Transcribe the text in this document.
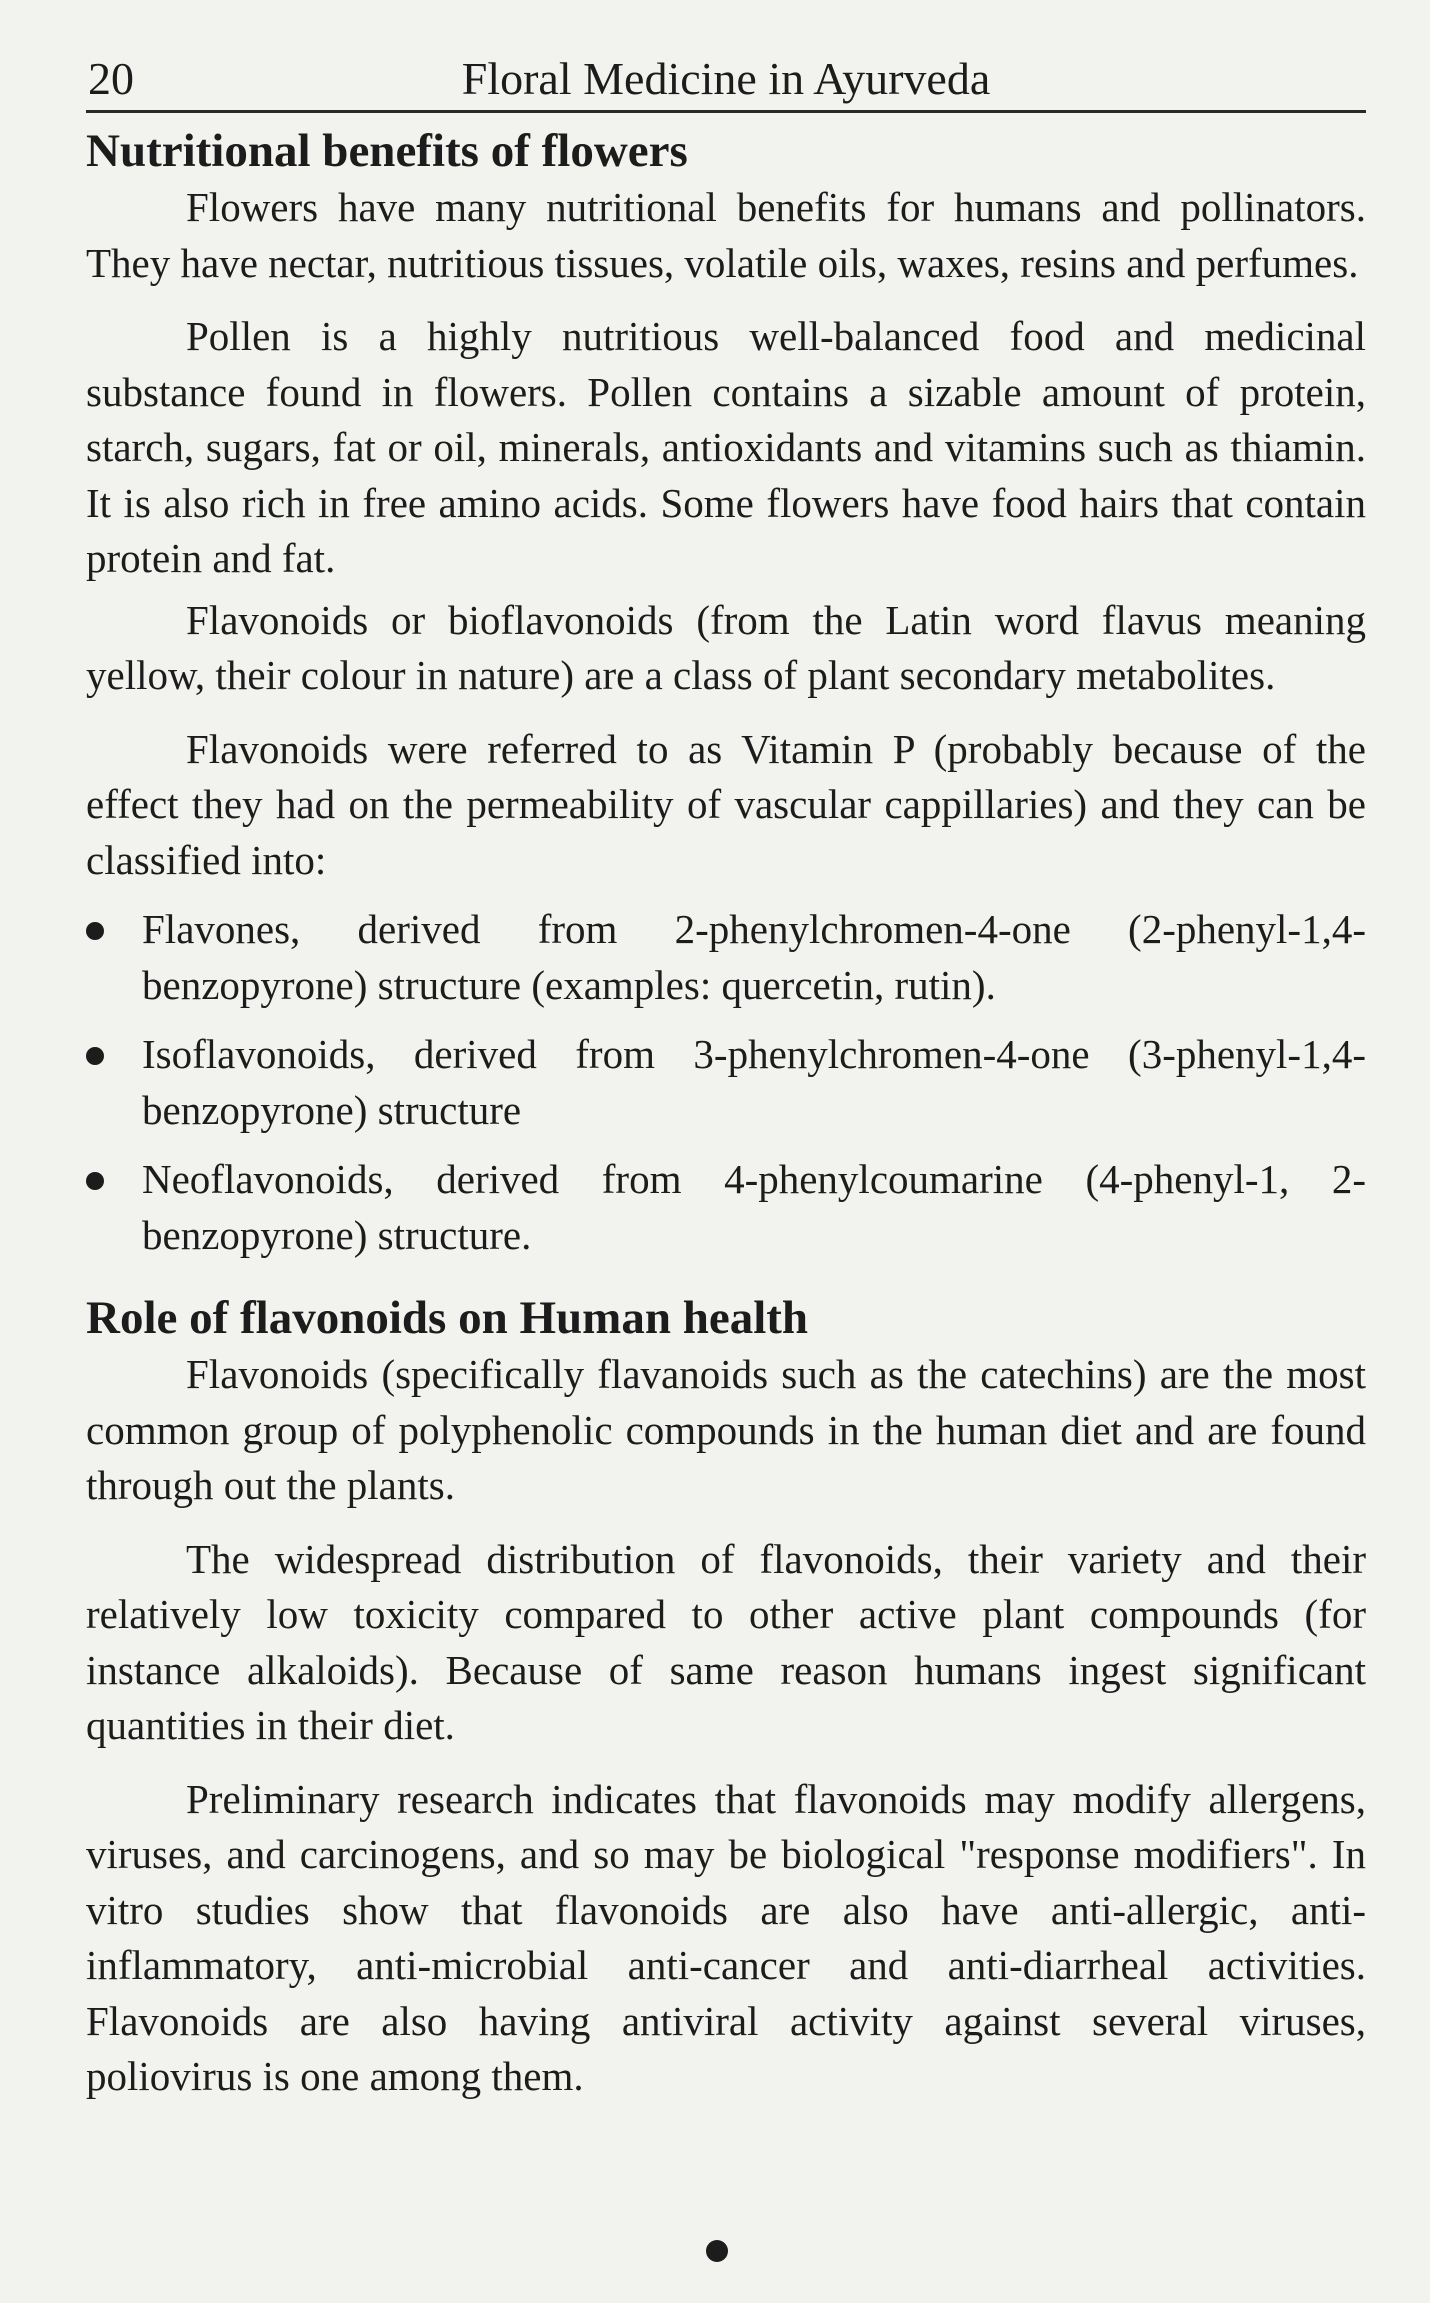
20	Floral Medicine in Ayurveda
Nutritional benefits of flowers

Flowers have many nutritional benefits for humans and pollinators. They have nectar, nutritious tissues, volatile oils, waxes, resins and perfumes.

Pollen is a highly nutritious well-balanced food and medicinal substance found in flowers. Pollen contains a sizable amount of protein, starch, sugars, fat or oil, minerals, antioxidants and vitamins such as thiamin. It is also rich in free amino acids. Some flowers have food hairs that contain protein and fat.

Flavonoids or bioflavonoids (from the Latin word flavus meaning yellow, their colour in nature) are a class of plant secondary metabolites.

Flavonoids were referred to as Vitamin P (probably because of the effect they had on the permeability of vascular cappillaries) and they can be classified into:

Flavones, derived from 2-phenylchromen-4-one (2-phenyl-1,4-benzopyrone) structure (examples: quercetin, rutin).
Isoflavonoids, derived from 3-phenylchromen-4-one (3-phenyl-1,4-benzopyrone) structure
Neoflavonoids, derived from 4-phenylcoumarine (4-phenyl-1, 2-benzopyrone) structure.
Role of flavonoids on Human health

Flavonoids (specifically flavanoids such as the catechins) are the most common group of polyphenolic compounds in the human diet and are found through out the plants.

The widespread distribution of flavonoids, their variety and their relatively low toxicity compared to other active plant compounds (for instance alkaloids). Because of same reason humans ingest significant quantities in their diet.

Preliminary research indicates that flavonoids may modify allergens, viruses, and carcinogens, and so may be biological "response modifiers". In vitro studies show that flavonoids are also have anti-allergic, anti-inflammatory, anti-microbial anti-cancer and anti-diarrheal activities. Flavonoids are also having antiviral activity against several viruses, poliovirus is one among them.
